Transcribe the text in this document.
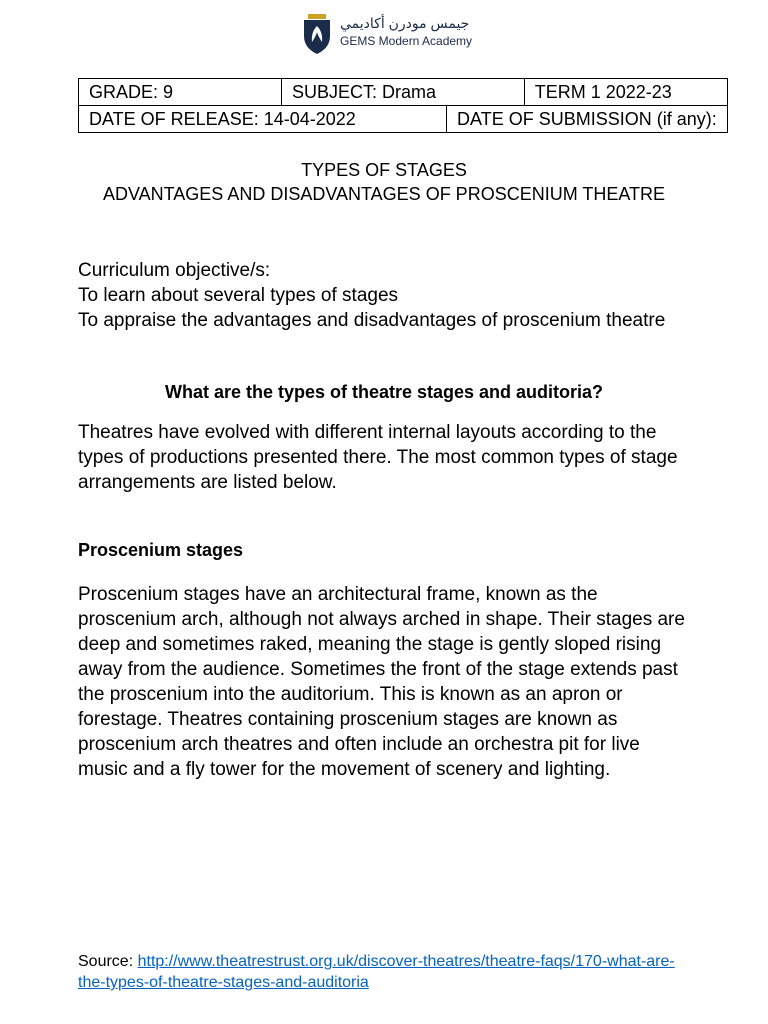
جيمس مودرن أكاديمي
GEMS Modern Academy
GRADE: 9	SUBJECT: Drama		TERM 1 2022-23
DATE OF RELEASE: 14-04-2022		DATE OF SUBMISSION (if any):	
TYPES OF STAGES
ADVANTAGES AND DISADVANTAGES OF PROSCENIUM THEATRE
Curriculum objective/s:
To learn about several types of stages
To appraise the advantages and disadvantages of proscenium theatre
What are the types of theatre stages and auditoria?
Theatres have evolved with different internal layouts according to the types of productions presented there. The most common types of stage arrangements are listed below.
Proscenium stages
Proscenium stages have an architectural frame, known as the proscenium arch, although not always arched in shape. Their stages are deep and sometimes raked, meaning the stage is gently sloped rising away from the audience. Sometimes the front of the stage extends past the proscenium into the auditorium. This is known as an apron or forestage. Theatres containing proscenium stages are known as proscenium arch theatres and often include an orchestra pit for live music and a fly tower for the movement of scenery and lighting.
Source: http://www.theatrestrust.org.uk/discover-theatres/theatre-faqs/170-what-are-the-types-of-theatre-stages-and-auditoria
